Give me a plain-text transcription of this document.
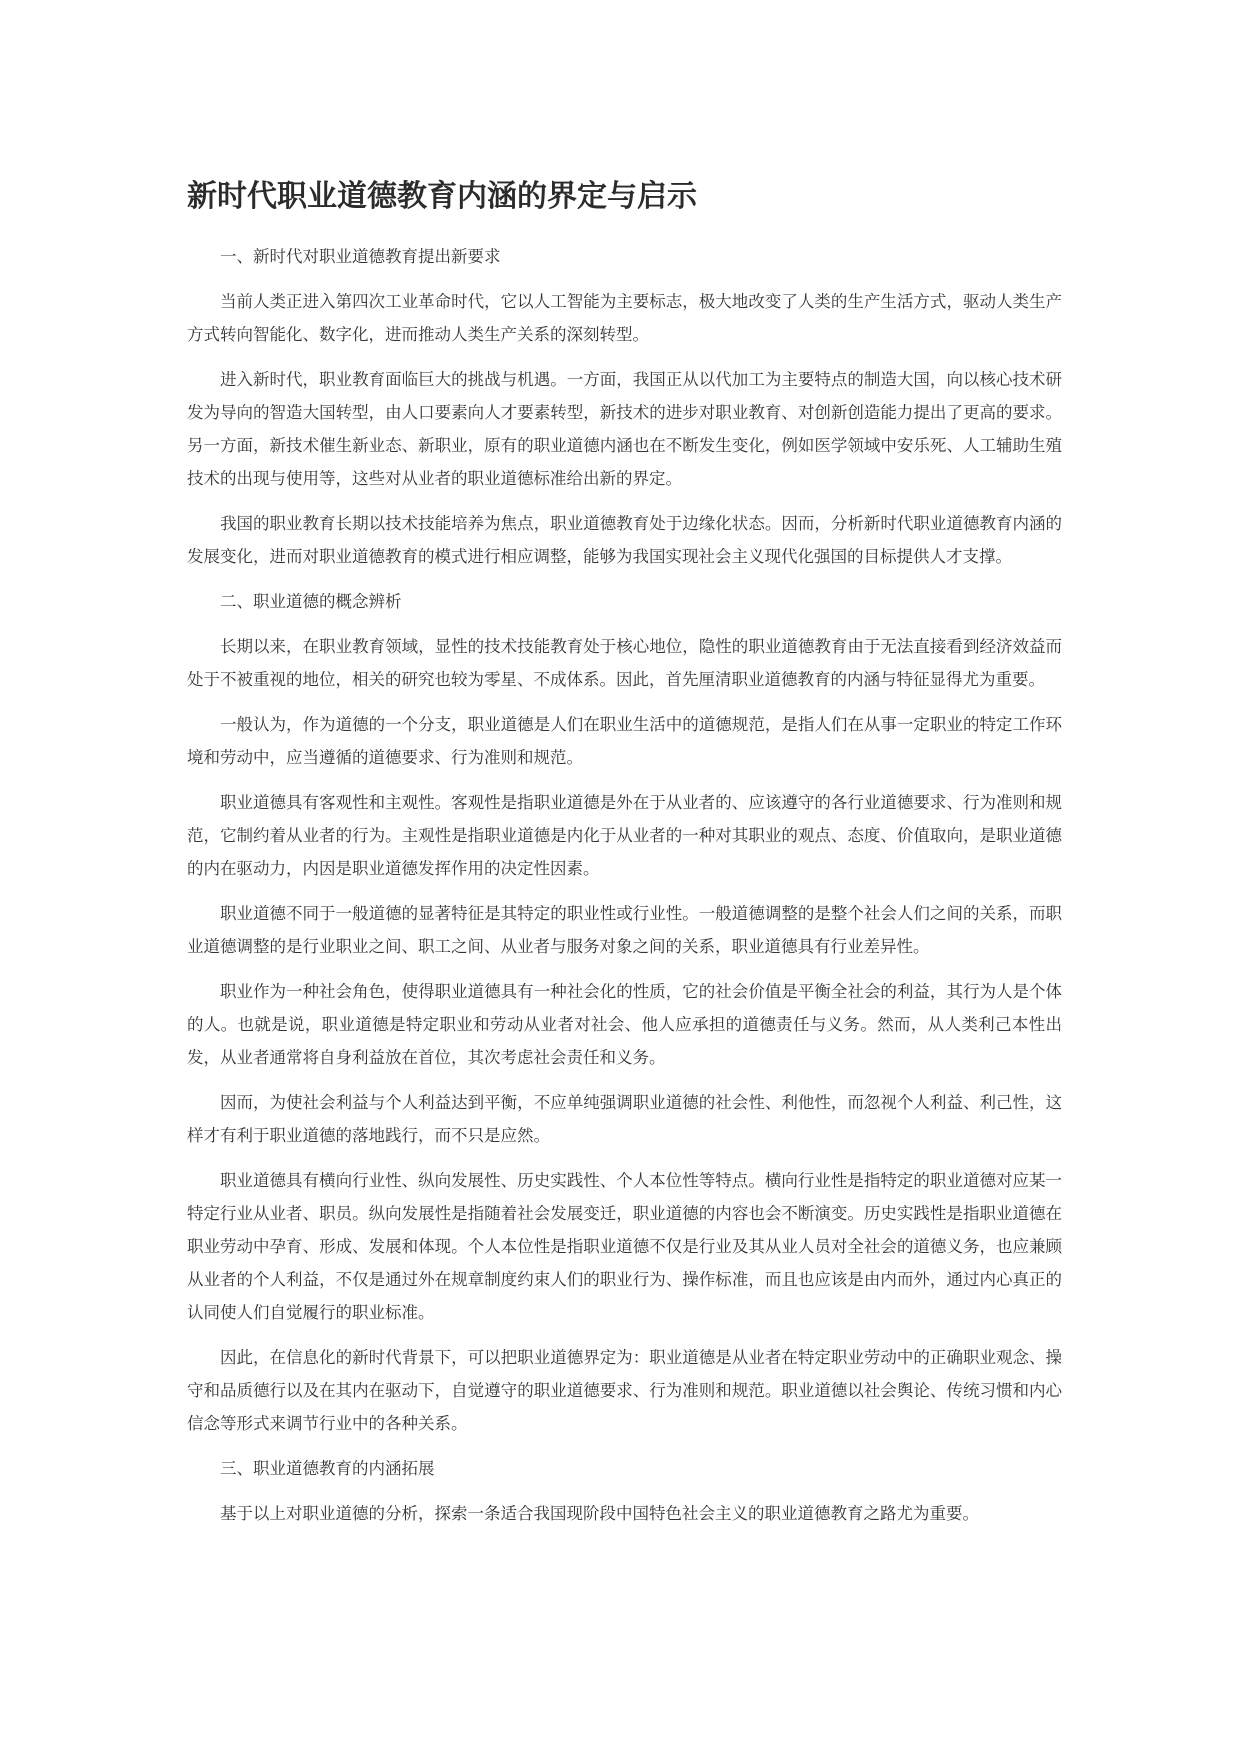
新时代职业道德教育内涵的界定与启示

一、新时代对职业道德教育提出新要求

当前人类正进入第四次工业革命时代，它以人工智能为主要标志，极大地改变了人类的生产生活方式，驱动人类生产方式转向智能化、数字化，进而推动人类生产关系的深刻转型。

进入新时代，职业教育面临巨大的挑战与机遇。一方面，我国正从以代加工为主要特点的制造大国，向以核心技术研发为导向的智造大国转型，由人口要素向人才要素转型，新技术的进步对职业教育、对创新创造能力提出了更高的要求。另一方面，新技术催生新业态、新职业，原有的职业道德内涵也在不断发生变化，例如医学领域中安乐死、人工辅助生殖技术的出现与使用等，这些对从业者的职业道德标准给出新的界定。

我国的职业教育长期以技术技能培养为焦点，职业道德教育处于边缘化状态。因而，分析新时代职业道德教育内涵的发展变化，进而对职业道德教育的模式进行相应调整，能够为我国实现社会主义现代化强国的目标提供人才支撑。

二、职业道德的概念辨析

长期以来，在职业教育领域，显性的技术技能教育处于核心地位，隐性的职业道德教育由于无法直接看到经济效益而处于不被重视的地位，相关的研究也较为零星、不成体系。因此，首先厘清职业道德教育的内涵与特征显得尤为重要。

一般认为，作为道德的一个分支，职业道德是人们在职业生活中的道德规范，是指人们在从事一定职业的特定工作环境和劳动中，应当遵循的道德要求、行为准则和规范。

职业道德具有客观性和主观性。客观性是指职业道德是外在于从业者的、应该遵守的各行业道德要求、行为准则和规范，它制约着从业者的行为。主观性是指职业道德是内化于从业者的一种对其职业的观点、态度、价值取向，是职业道德的内在驱动力，内因是职业道德发挥作用的决定性因素。

职业道德不同于一般道德的显著特征是其特定的职业性或行业性。一般道德调整的是整个社会人们之间的关系，而职业道德调整的是行业职业之间、职工之间、从业者与服务对象之间的关系，职业道德具有行业差异性。

职业作为一种社会角色，使得职业道德具有一种社会化的性质，它的社会价值是平衡全社会的利益，其行为人是个体的人。也就是说，职业道德是特定职业和劳动从业者对社会、他人应承担的道德责任与义务。然而，从人类利己本性出发，从业者通常将自身利益放在首位，其次考虑社会责任和义务。

因而，为使社会利益与个人利益达到平衡，不应单纯强调职业道德的社会性、利他性，而忽视个人利益、利己性，这样才有利于职业道德的落地践行，而不只是应然。

职业道德具有横向行业性、纵向发展性、历史实践性、个人本位性等特点。横向行业性是指特定的职业道德对应某一特定行业从业者、职员。纵向发展性是指随着社会发展变迁，职业道德的内容也会不断演变。历史实践性是指职业道德在职业劳动中孕育、形成、发展和体现。个人本位性是指职业道德不仅是行业及其从业人员对全社会的道德义务，也应兼顾从业者的个人利益，不仅是通过外在规章制度约束人们的职业行为、操作标准，而且也应该是由内而外，通过内心真正的认同使人们自觉履行的职业标准。

因此，在信息化的新时代背景下，可以把职业道德界定为：职业道德是从业者在特定职业劳动中的正确职业观念、操守和品质德行以及在其内在驱动下，自觉遵守的职业道德要求、行为准则和规范。职业道德以社会舆论、传统习惯和内心信念等形式来调节行业中的各种关系。

三、职业道德教育的内涵拓展

基于以上对职业道德的分析，探索一条适合我国现阶段中国特色社会主义的职业道德教育之路尤为重要。
